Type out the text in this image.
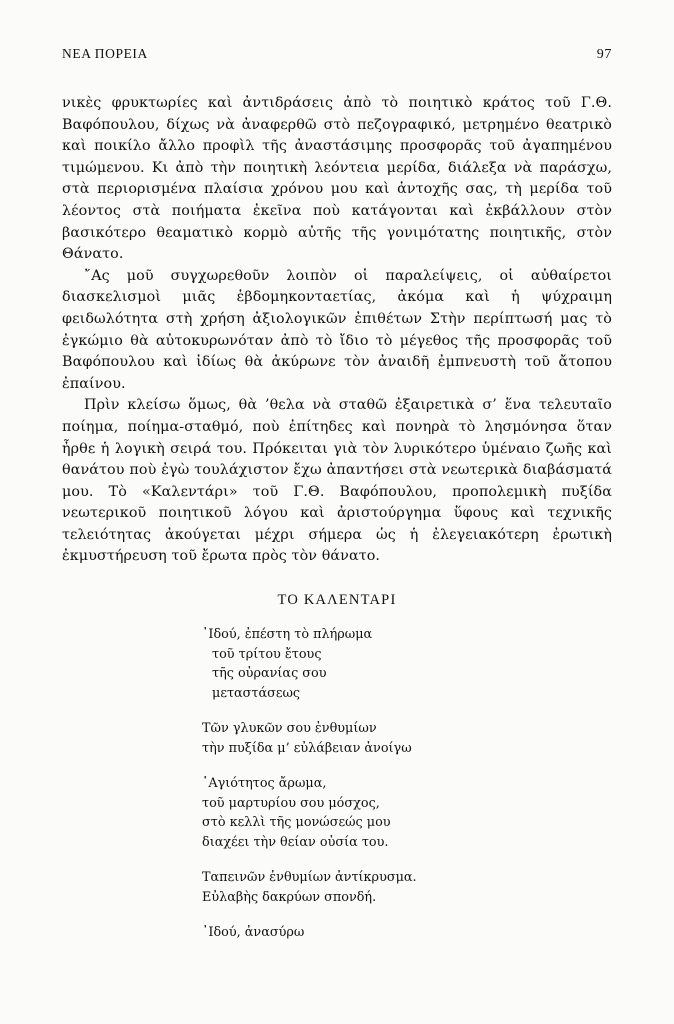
ΝΕΑ ΠΟΡΕΙΑ	97

νικὲς φρυκτωρίες καὶ ἀντιδράσεις ἀπὸ τὸ ποιητικὸ κράτος τοῦ Γ.Θ. Βαφόπουλου, δίχως νὰ ἀναφερθῶ στὸ πεζογραφικό, μετρημένο θεατρικὸ καὶ ποικίλο ἄλλο προφὶλ τῆς ἀναστάσιμης προσφορᾶς τοῦ ἀγαπημένου τιμώμενου. Κι ἀπὸ τὴν ποιητικὴ λεόντεια μερίδα, διάλεξα νὰ παράσχω, στὰ περιορισμένα πλαίσια χρόνου μου καὶ ἀντοχῆς σας, τὴ μερίδα τοῦ λέοντος στὰ ποιήματα ἐκεῖνα ποὺ κατάγονται καὶ ἐκβάλλουν στὸν βασικότερο θεαματικὸ κορμὸ αὐτῆς τῆς γονιμότατης ποιητικῆς, στὸν Θάνατο.

῎Ας μοῦ συγχωρεθοῦν λοιπὸν οἱ παραλείψεις, οἱ αὐθαίρετοι διασκελισμοὶ μιᾶς ἑβδομηκονταετίας, ἀκόμα καὶ ἡ ψύχραιμη φειδωλότητα στὴ χρήση ἀξιολογικῶν ἐπιθέτων Στὴν περίπτωσή μας τὸ ἐγκώμιο θὰ αὐτοκυρωνόταν ἀπὸ τὸ ἴδιο τὸ μέγεθος τῆς προσφορᾶς τοῦ Βαφόπουλου καὶ ἰδίως θὰ ἀκύρωνε τὸν ἀναιδῆ ἐμπνευστὴ τοῦ ἄτοπου ἐπαίνου.

Πρὶν κλείσω ὅμως, θὰ ’θελα νὰ σταθῶ ἐξαιρετικὰ σ’ ἕνα τελευταῖο ποίημα, ποίημα-σταθμό, ποὺ ἐπίτηδες καὶ πονηρὰ τὸ λησμόνησα ὅταν ἦρθε ἡ λογικὴ σειρά του. Πρόκειται γιὰ τὸν λυρικότερο ὑμέναιο ζωῆς καὶ θανάτου ποὺ ἐγὼ τουλάχιστον ἔχω ἀπαντήσει στὰ νεωτερικὰ διαβάσματά μου. Τὸ «Καλεντάρι» τοῦ Γ.Θ. Βαφόπουλου, προπολεμικὴ πυξίδα νεωτερικοῦ ποιητικοῦ λόγου καὶ ἀριστούργημα ὕφους καὶ τεχνικῆς τελειότητας ἀκούγεται μέχρι σήμερα ὡς ἡ ἐλεγειακότερη ἐρωτικὴ ἐκμυστήρευση τοῦ ἔρωτα πρὸς τὸν θάνατο.

ΤΟ ΚΑΛΕΝΤΑΡΙ
᾿Ιδού, ἐπέστη τὸ πλήρωμα
τοῦ τρίτου ἔτους
τῆς οὐρανίας σου
μεταστάσεως
Τῶν γλυκῶν σου ἐνθυμίων
τὴν πυξίδα μ’ εὐλάβειαν ἀνοίγω
῾Αγιότητος ἄρωμα,
τοῦ μαρτυρίου σου μόσχος,
στὸ κελλὶ τῆς μονώσεώς μου
διαχέει τὴν θείαν οὐσία του.
Ταπεινῶν ἐνθυμίων ἀντίκρυσμα.
Εὐλαβὴς δακρύων σπονδή.
᾿Ιδού, ἀνασύρω
